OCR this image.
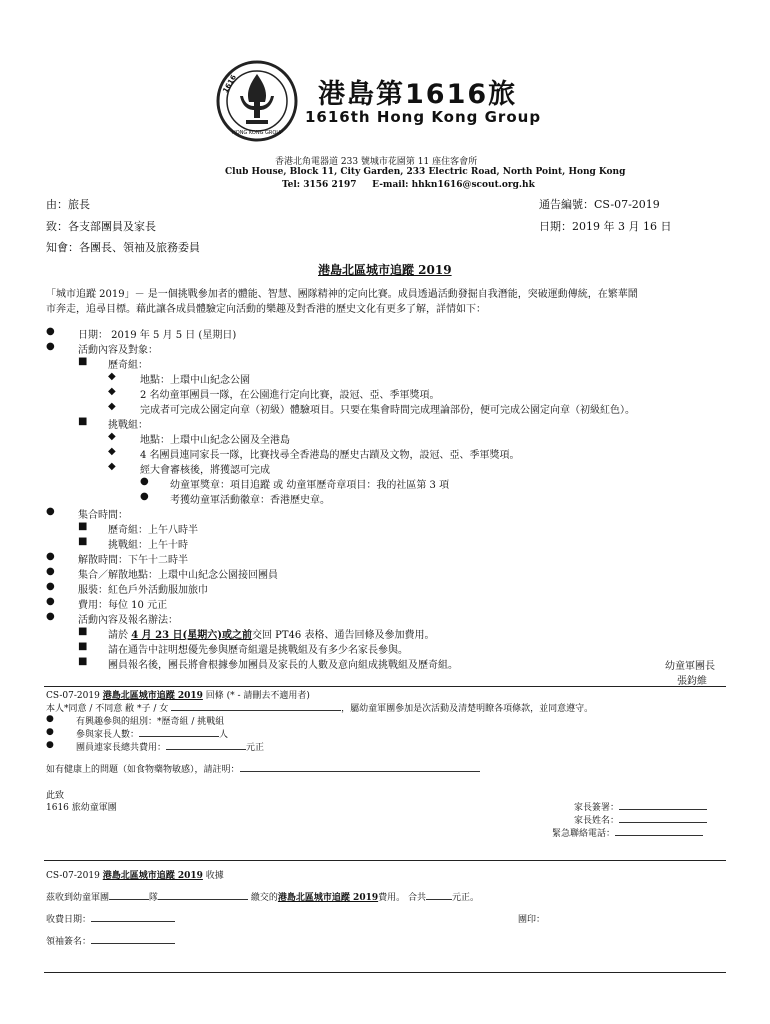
1616
HONG KONG GROUP
港島第1616旅
1616th Hong Kong Group
香港北角電器道 233 號城市花園第 11 座住客會所
Club House, Block 11, City Garden, 233 Electric Road, North Point, Hong Kong
Tel: 3156 2197     E-mail: hhkn1616@scout.org.hk
由：旅長
致：各支部團員及家長
知會：各團長、領袖及旅務委員
通告編號：CS-07-2019
日期：2019 年 3 月 16 日
港島北區城市追蹤 2019
「城市追蹤 2019」－ 是一個挑戰參加者的體能、智慧、團隊精神的定向比賽。成員透過活動發掘自我潛能，突破運動傳統，在繁華鬧
市奔走，追尋目標。藉此讓各成員體驗定向活動的樂趣及對香港的歷史文化有更多了解，詳情如下：
● 日期： 2019 年 5 月 5 日 (星期日)
● 活動內容及對象：
■ 歷奇組：
◆ 地點：上環中山紀念公園
◆ 2 名幼童軍團員一隊，在公園進行定向比賽，設冠、亞、季軍獎項。
◆ 完成者可完成公園定向章（初級）體驗項目。只要在集會時間完成理論部份，便可完成公園定向章（初級紅色）。
■ 挑戰組：
◆ 地點：上環中山紀念公園及全港島
◆ 4 名團員連同家長一隊，比賽找尋全香港島的歷史古蹟及文物，設冠、亞、季軍獎項。
◆ 經大會審核後，將獲認可完成
● 幼童軍獎章：項目追蹤 或 幼童軍歷奇章項目：我的社區第 3 項
● 考獲幼童軍活動徽章：香港歷史章。
● 集合時間：
■ 歷奇組：上午八時半
■ 挑戰組：上午十時
● 解散時間：下午十二時半
● 集合／解散地點：上環中山紀念公園接回團員
● 服裝：紅色戶外活動服加旅巾
● 費用：每位 10 元正
● 活動內容及報名辦法：
■ 請於 4 月 23 日(星期六)或之前交回 PT46 表格、通告回條及參加費用。
■ 請在通告中註明想優先參與歷奇組還是挑戰組及有多少名家長參與。
■ 團員報名後，團長將會根據參加團員及家長的人數及意向組成挑戰組及歷奇組。	幼童軍團長
張鈞維
CS-07-2019 港島北區城市追蹤 2019 回條 (* - 請刪去不適用者)
本人*同意 / 不同意 敝 *子 / 女	，屬幼童軍團參加是次活動及清楚明瞭各項條款，並同意遵守。
● 有興趣參與的組別：*歷奇組 / 挑戰組
● 參與家長人數：	人
● 團員連家長總共費用：	元正
如有健康上的問題（如食物藥物敏感），請註明：
此致
1616 旅幼童軍團	家長簽署：
家長姓名：
緊急聯絡電話：
CS-07-2019 港島北區城市追蹤 2019 收據
茲收到幼童軍團	隊	繳交的港島北區城市追蹤 2019費用。 合共	元正。
收費日期：	團印：
領袖簽名：
